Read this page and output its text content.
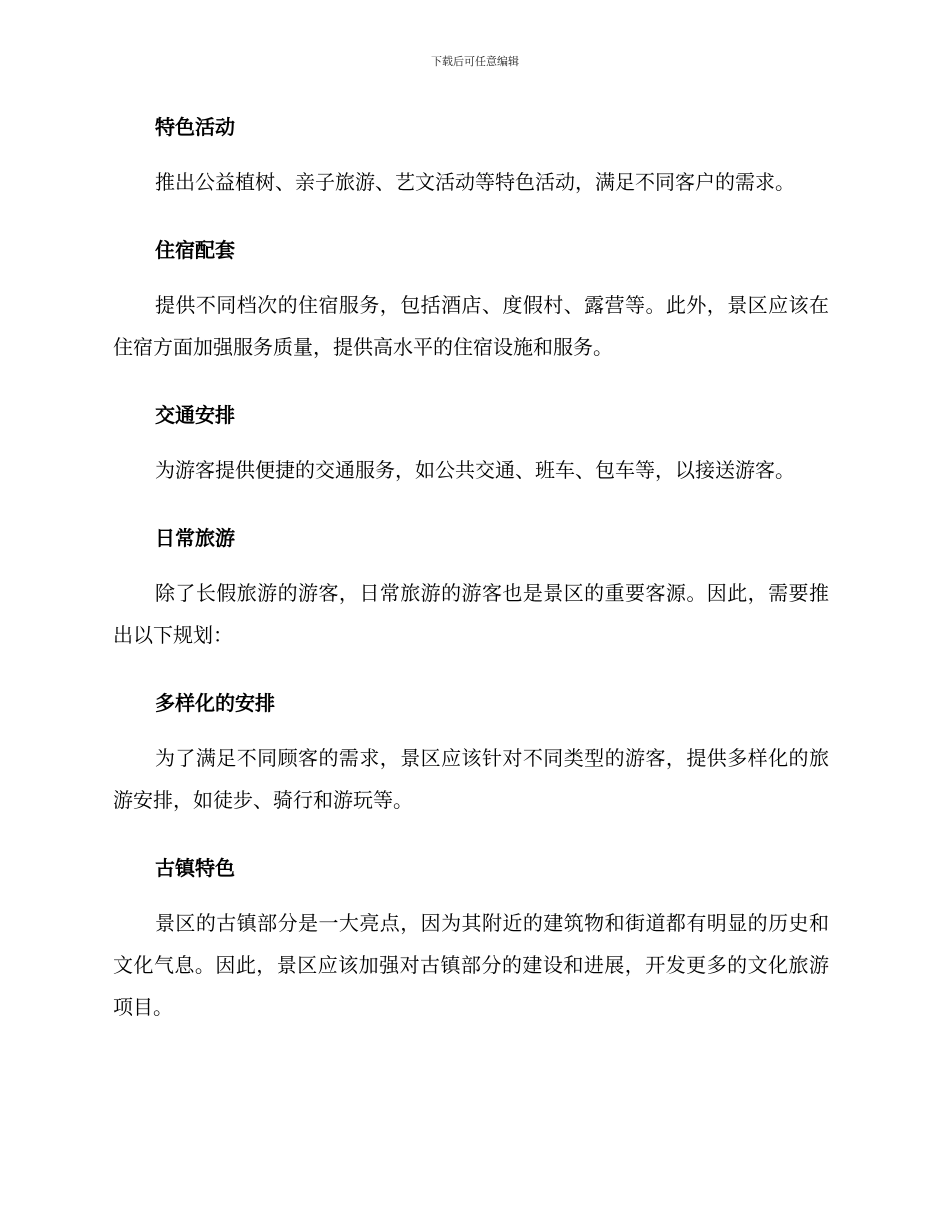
下载后可任意编辑
特色活动
推出公益植树、亲子旅游、艺文活动等特色活动，满足不同客户的需求。
住宿配套
提供不同档次的住宿服务，包括酒店、度假村、露营等。此外，景区应该在住宿方面加强服务质量，提供高水平的住宿设施和服务。
交通安排
为游客提供便捷的交通服务，如公共交通、班车、包车等，以接送游客。
日常旅游
除了长假旅游的游客，日常旅游的游客也是景区的重要客源。因此，需要推出以下规划：
多样化的安排
为了满足不同顾客的需求，景区应该针对不同类型的游客，提供多样化的旅游安排，如徒步、骑行和游玩等。
古镇特色
景区的古镇部分是一大亮点，因为其附近的建筑物和街道都有明显的历史和文化气息。因此，景区应该加强对古镇部分的建设和进展，开发更多的文化旅游项目。
